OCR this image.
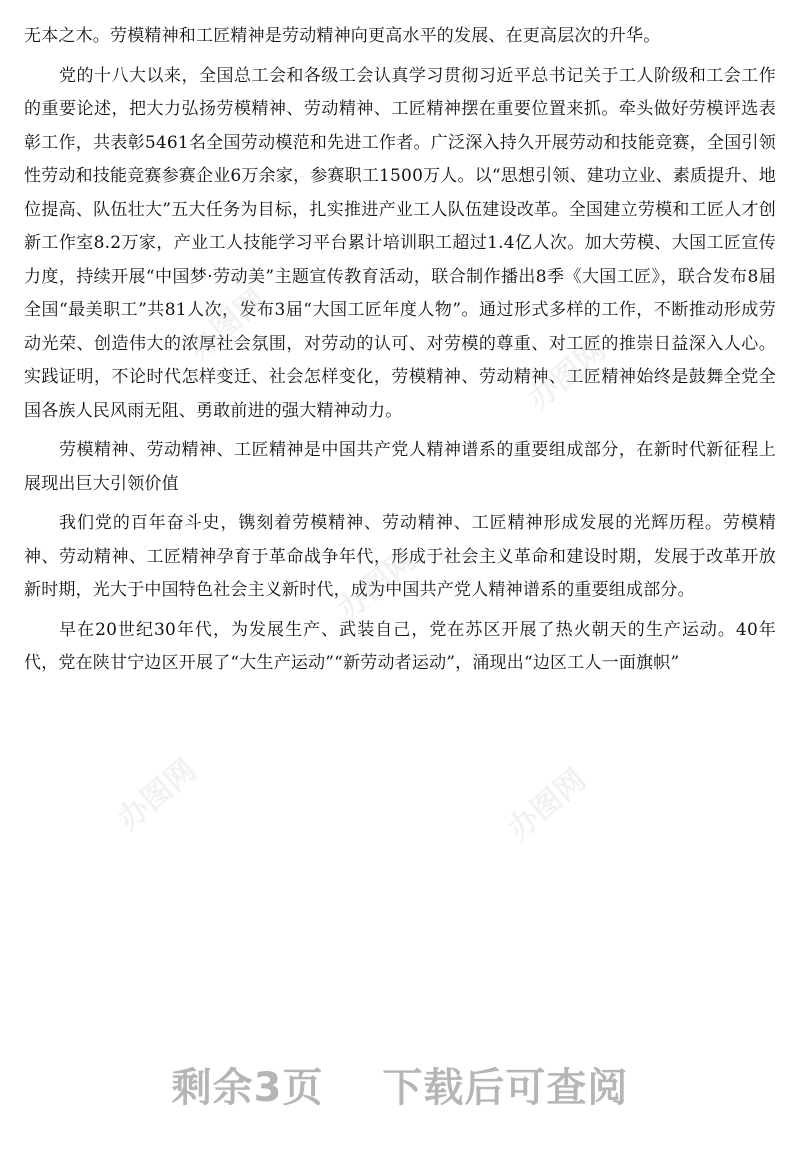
无本之木。劳模精神和工匠精神是劳动精神向更高水平的发展、在更高层次的升华。

党的十八大以来，全国总工会和各级工会认真学习贯彻习近平总书记关于工人阶级和工会工作的重要论述，把大力弘扬劳模精神、劳动精神、工匠精神摆在重要位置来抓。牵头做好劳模评选表彰工作，共表彰5461名全国劳动模范和先进工作者。广泛深入持久开展劳动和技能竞赛，全国引领性劳动和技能竞赛参赛企业6万余家，参赛职工1500万人。以“思想引领、建功立业、素质提升、地位提高、队伍壮大”五大任务为目标，扎实推进产业工人队伍建设改革。全国建立劳模和工匠人才创新工作室8.2万家，产业工人技能学习平台累计培训职工超过1.4亿人次。加大劳模、大国工匠宣传力度，持续开展“中国梦·劳动美”主题宣传教育活动，联合制作播出8季《大国工匠》，联合发布8届全国“最美职工”共81人次，发布3届“大国工匠年度人物”。通过形式多样的工作，不断推动形成劳动光荣、创造伟大的浓厚社会氛围，对劳动的认可、对劳模的尊重、对工匠的推崇日益深入人心。实践证明，不论时代怎样变迁、社会怎样变化，劳模精神、劳动精神、工匠精神始终是鼓舞全党全国各族人民风雨无阻、勇敢前进的强大精神动力。

劳模精神、劳动精神、工匠精神是中国共产党人精神谱系的重要组成部分，在新时代新征程上展现出巨大引领价值

我们党的百年奋斗史，镌刻着劳模精神、劳动精神、工匠精神形成发展的光辉历程。劳模精神、劳动精神、工匠精神孕育于革命战争年代，形成于社会主义革命和建设时期，发展于改革开放新时期，光大于中国特色社会主义新时代，成为中国共产党人精神谱系的重要组成部分。

早在20世纪30年代，为发展生产、武装自己，党在苏区开展了热火朝天的生产运动。40年代，党在陕甘宁边区开展了“大生产运动”“新劳动者运动”，涌现出“边区工人一面旗帜”

办图网
办图网
办图网
办图网	办图网
剩余3页 下载后可查阅
